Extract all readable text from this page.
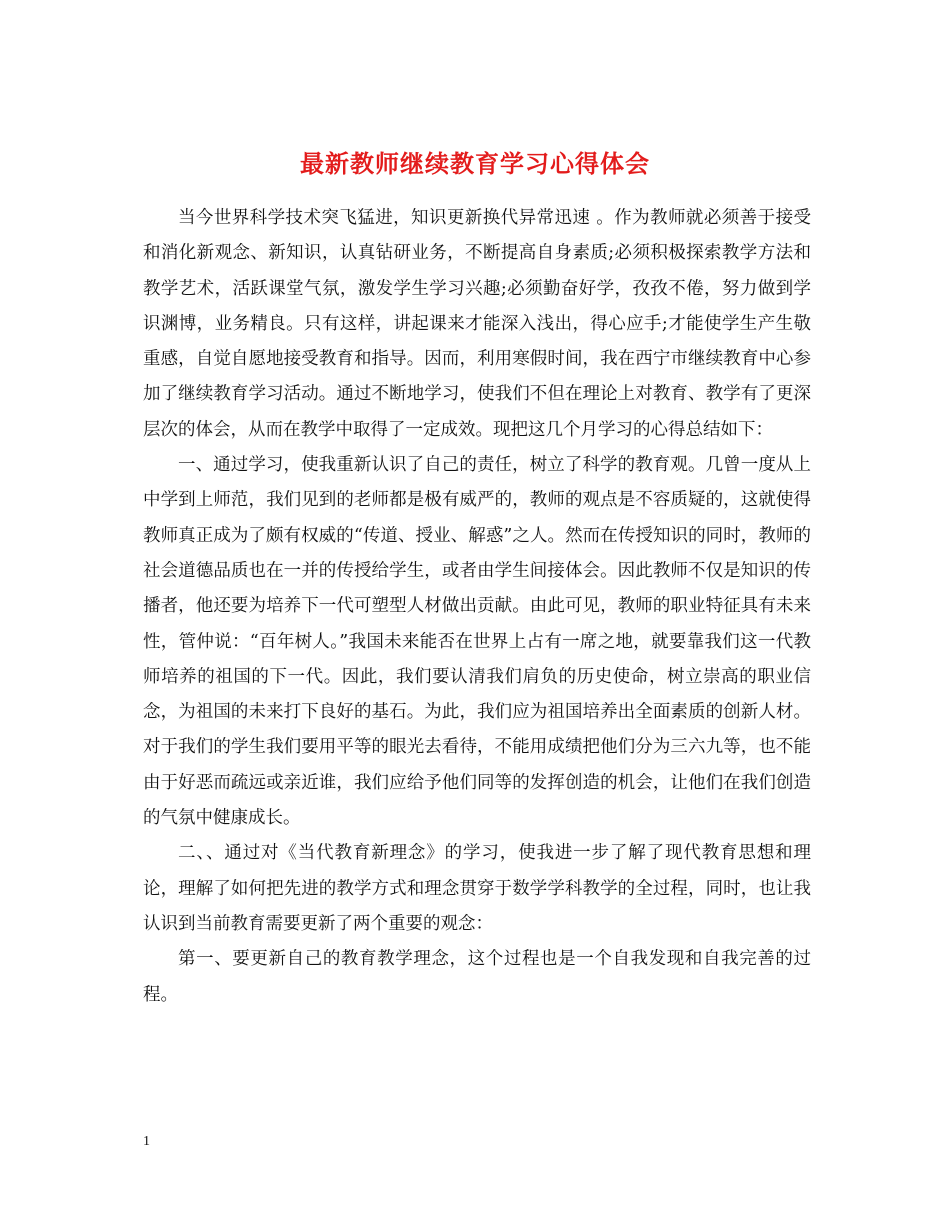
最新教师继续教育学习心得体会

当今世界科学技术突飞猛进，知识更新换代异常迅速 。作为教师就必须善于接受和消化新观念、新知识，认真钻研业务，不断提高自身素质;必须积极探索教学方法和教学艺术，活跃课堂气氛，激发学生学习兴趣;必须勤奋好学，孜孜不倦，努力做到学识渊博，业务精良。只有这样，讲起课来才能深入浅出，得心应手;才能使学生产生敬重感，自觉自愿地接受教育和指导。因而，利用寒假时间，我在西宁市继续教育中心参加了继续教育学习活动。通过不断地学习，使我们不但在理论上对教育、教学有了更深层次的体会，从而在教学中取得了一定成效。现把这几个月学习的心得总结如下：

一、通过学习，使我重新认识了自己的责任，树立了科学的教育观。几曾一度从上中学到上师范，我们见到的老师都是极有威严的，教师的观点是不容质疑的，这就使得教师真正成为了颇有权威的“传道、授业、解惑”之人。然而在传授知识的同时，教师的社会道德品质也在一并的传授给学生，或者由学生间接体会。因此教师不仅是知识的传播者，他还要为培养下一代可塑型人材做出贡献。由此可见，教师的职业特征具有未来性，管仲说：“百年树人。”我国未来能否在世界上占有一席之地，就要靠我们这一代教师培养的祖国的下一代。因此，我们要认清我们肩负的历史使命，树立崇高的职业信念，为祖国的未来打下良好的基石。为此，我们应为祖国培养出全面素质的创新人材。对于我们的学生我们要用平等的眼光去看待，不能用成绩把他们分为三六九等，也不能由于好恶而疏远或亲近谁，我们应给予他们同等的发挥创造的机会，让他们在我们创造的气氛中健康成长。

二、、通过对《当代教育新理念》的学习，使我进一步了解了现代教育思想和理论，理解了如何把先进的教学方式和理念贯穿于数学学科教学的全过程，同时，也让我认识到当前教育需要更新了两个重要的观念：

第一、要更新自己的教育教学理念，这个过程也是一个自我发现和自我完善的过程。

1
